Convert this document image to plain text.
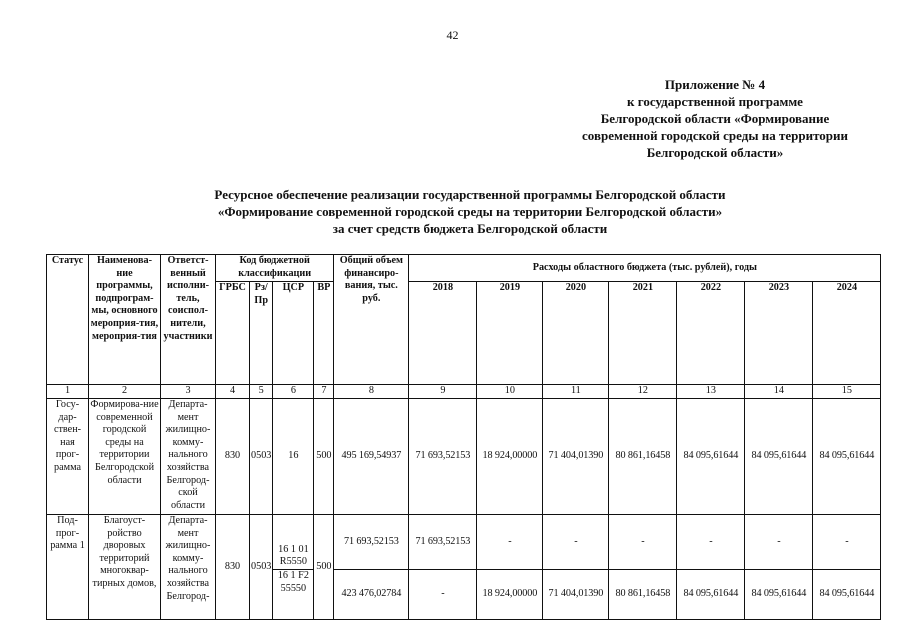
42
Приложение № 4
к государственной программе
Белгородской области «Формирование
современной городской среды на территории
Белгородской области»
Ресурсное обеспечение реализации государственной программы Белгородской области
«Формирование современной городской среды на территории Белгородской области»
за счет средств бюджета Белгородской области
Статус	Наименова-ние программы, подпрограм-мы, основного мероприя-тия, мероприя-тия	Ответст-венный исполни-тель, соиспол-нители, участники	Код бюджетной классификации				Общий объем финансиро-вания, тыс. руб.	Расходы областного бюджета (тыс. рублей), годы						
			ГРБС	Рз/ Пр	ЦСР	ВР		2018	2019	2020	2021	2022	2023	2024

1	2	3	4	5	6	7	8	9	10	11	12	13	14	15
Госу-дар-ствен-ная прог-рамма	Формирова-ние современной городской среды на территории Белгородской области	Департа-мент жилищно-комму-нального хозяйства Белгород-ской области	830	0503	16	500	495 169,54937	71 693,52153	18 924,00000	71 404,01390	80 861,16458	84 095,61644	84 095,61644	84 095,61644
Под-прог-рамма 1	Благоуст-ройство дворовых территорий многоквар-тирных домов,	Департа-мент жилищно-комму-нального хозяйства Белгород-	830	0503	16 1 01 R5550	500	71 693,52153	71 693,52153	-	-	-	-	-	-
					16 1 F2 55550		423 476,02784	-	18 924,00000	71 404,01390	80 861,16458	84 095,61644	84 095,61644	84 095,61644
